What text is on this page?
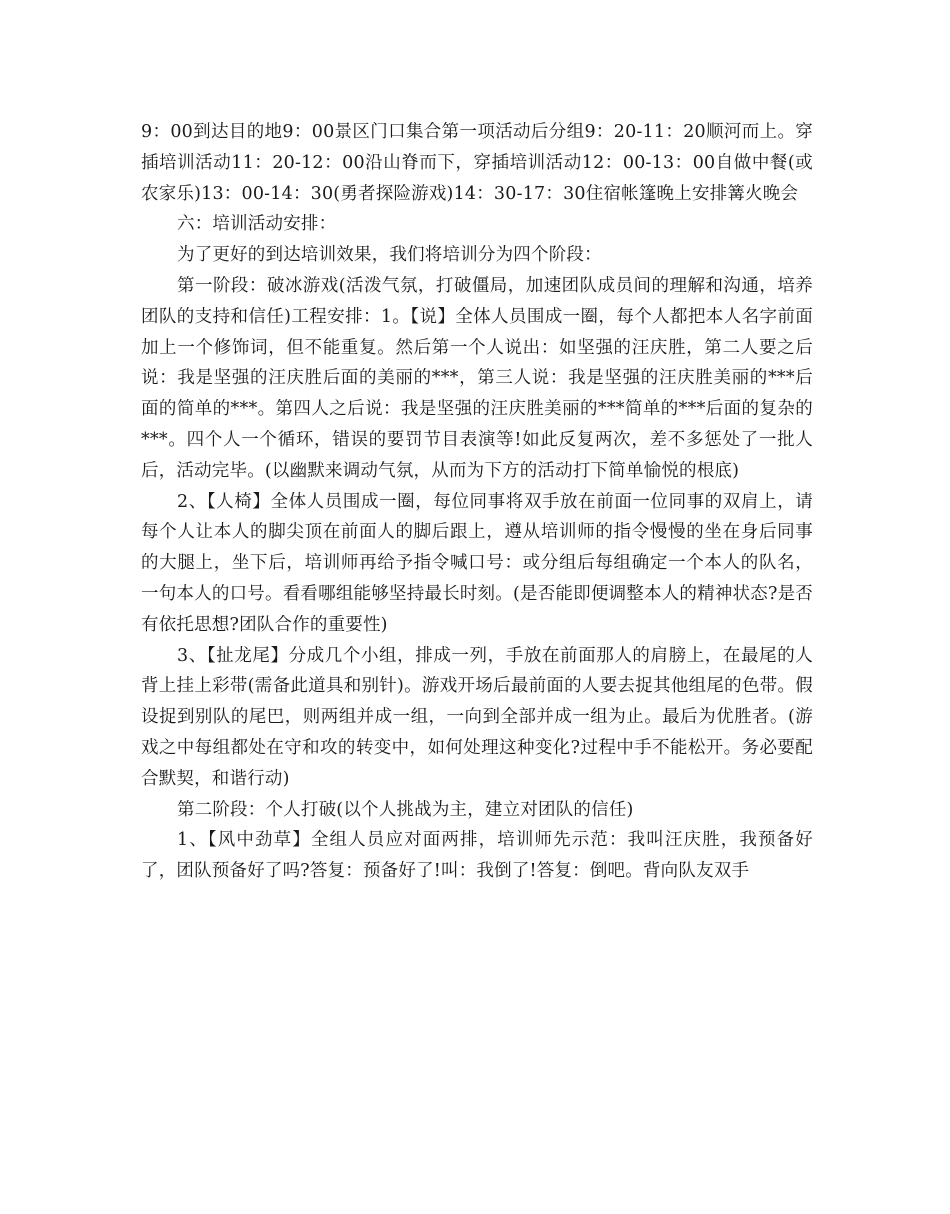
9：00到达目的地9：00景区门口集合第一项活动后分组9：20-11：20顺河而上。穿插培训活动11：20-12：00沿山脊而下，穿插培训活动12：00-13：00自做中餐(或农家乐)13：00-14：30(勇者探险游戏)14：30-17：30住宿帐篷晚上安排篝火晚会

六：培训活动安排：

为了更好的到达培训效果，我们将培训分为四个阶段：

第一阶段：破冰游戏(活泼气氛，打破僵局，加速团队成员间的理解和沟通，培养团队的支持和信任)工程安排：1。【说】全体人员围成一圈，每个人都把本人名字前面加上一个修饰词，但不能重复。然后第一个人说出：如坚强的汪庆胜，第二人要之后说：我是坚强的汪庆胜后面的美丽的***，第三人说：我是坚强的汪庆胜美丽的***后面的简单的***。第四人之后说：我是坚强的汪庆胜美丽的***简单的***后面的复杂的***。四个人一个循环，错误的要罚节目表演等!如此反复两次，差不多惩处了一批人后，活动完毕。(以幽默来调动气氛，从而为下方的活动打下简单愉悦的根底)

2、【人椅】全体人员围成一圈，每位同事将双手放在前面一位同事的双肩上，请每个人让本人的脚尖顶在前面人的脚后跟上，遵从培训师的指令慢慢的坐在身后同事的大腿上，坐下后，培训师再给予指令喊口号：或分组后每组确定一个本人的队名，一句本人的口号。看看哪组能够坚持最长时刻。(是否能即便调整本人的精神状态?是否有依托思想?团队合作的重要性)

3、【扯龙尾】分成几个小组，排成一列，手放在前面那人的肩膀上，在最尾的人背上挂上彩带(需备此道具和别针)。游戏开场后最前面的人要去捉其他组尾的色带。假设捉到别队的尾巴，则两组并成一组，一向到全部并成一组为止。最后为优胜者。(游戏之中每组都处在守和攻的转变中，如何处理这种变化?过程中手不能松开。务必要配合默契，和谐行动)

第二阶段：个人打破(以个人挑战为主，建立对团队的信任)

1、【风中劲草】全组人员应对面两排，培训师先示范：我叫汪庆胜，我预备好了，团队预备好了吗?答复：预备好了!叫：我倒了!答复：倒吧。背向队友双手
